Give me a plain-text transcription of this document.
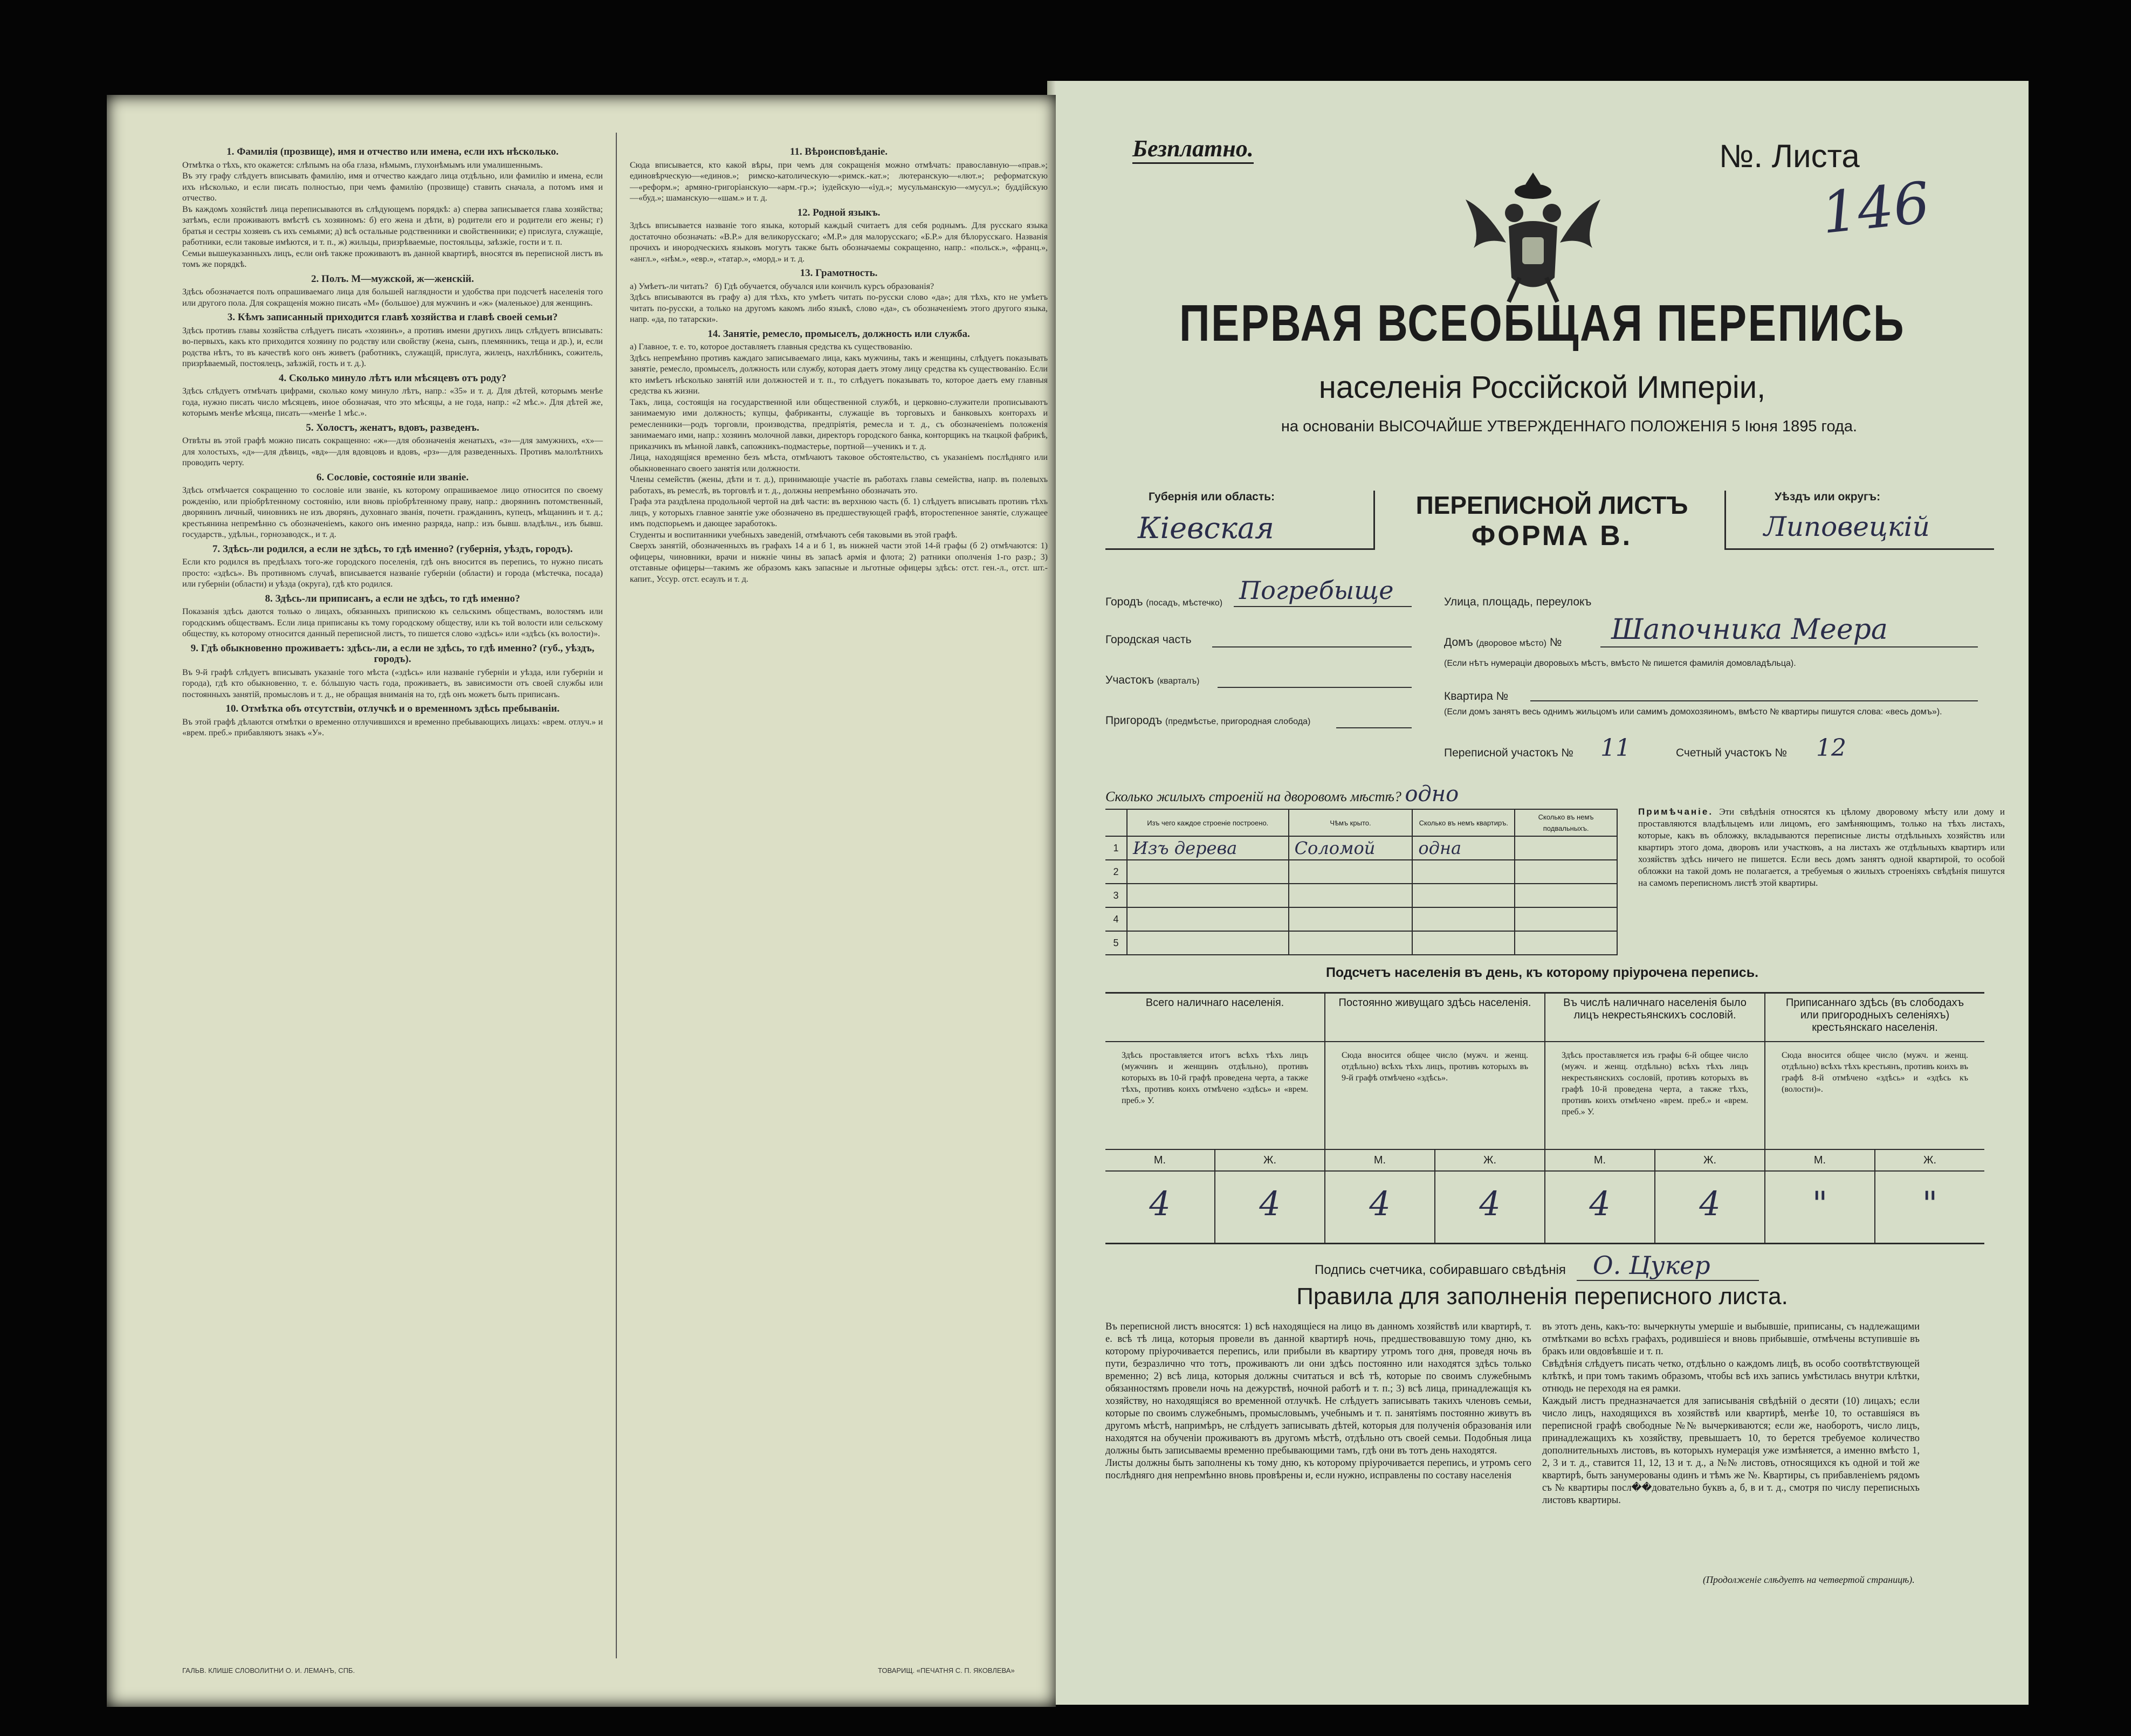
1. Фамилія (прозвище), имя и отчество или имена, если ихъ нѣсколько.
Отмѣтка о тѣхъ, кто окажется: слѣпымъ на оба глаза, нѣмымъ, глухонѣмымъ или умалишеннымъ.
Въ эту графу слѣдуетъ вписывать фамилію, имя и отчество каждаго лица отдѣльно, или фамилію и имена, если ихъ нѣсколько, и если писать полностью, при чемъ фамилію (прозвище) ставить сначала, а потомъ имя и отчество.
Въ каждомъ хозяйствѣ лица переписываются въ слѣдующемъ порядкѣ: а) сперва записывается глава хозяйства; затѣмъ, если проживаютъ вмѣстѣ съ хозяиномъ: б) его жена и дѣти, в) родители его и родители его жены; г) братья и сестры хозяевъ съ ихъ семьями; д) всѣ остальные родственники и свойственники; е) прислуга, служащіе, работники, если таковые имѣются, и т. п., ж) жильцы, призрѣваемые, постояльцы, заѣзжіе, гости и т. п.
Семьи вышеуказанныхъ лицъ, если онѣ также проживаютъ въ данной квартирѣ, вносятся въ переписной листъ въ томъ же порядкѣ.
2. Полъ. М—мужской, ж—женскій.
Здѣсь обозначается полъ опрашиваемаго лица для большей наглядности и удобства при подсчетѣ населенія того или другого пола. Для сокращенія можно писать «М» (большое) для мужчинъ и «ж» (маленькое) для женщинъ.
3. Кѣмъ записанный приходится главѣ хозяйства и главѣ своей семьи?
Здѣсь противъ главы хозяйства слѣдуетъ писать «хозяинъ», а противъ имени другихъ лицъ слѣдуетъ вписывать: во-первыхъ, какъ кто приходится хозяину по родству или свойству (жена, сынъ, племянникъ, теща и др.), и, если родства нѣтъ, то въ качествѣ кого онъ живетъ (работникъ, служащій, прислуга, жилецъ, нахлѣбникъ, сожитель, призрѣваемый, постоялецъ, заѣзжій, гость и т. д.).
4. Сколько минуло лѣтъ или мѣсяцевъ отъ роду?
Здѣсь слѣдуетъ отмѣчать цифрами, сколько кому минуло лѣтъ, напр.: «35» и т. д. Для дѣтей, которымъ менѣе года, нужно писать число мѣсяцевъ, иное обозначая, что это мѣсяцы, а не года, напр.: «2 мѣс.». Для дѣтей же, которымъ менѣе мѣсяца, писать—«менѣе 1 мѣс.».
5. Холостъ, женатъ, вдовъ, разведенъ.
Отвѣты въ этой графѣ можно писать сокращенно: «ж»—для обозначенія женатыхъ, «з»—для замужнихъ, «х»—для холостыхъ, «д»—для дѣвицъ, «вд»—для вдовцовъ и вдовъ, «рз»—для разведенныхъ. Противъ малолѣтнихъ проводить черту.
6. Сословіе, состояніе или званіе.
Здѣсь отмѣчается сокращенно то сословіе или званіе, къ которому опрашиваемое лицо относится по своему рожденію, или пріобрѣтенному состоянію, или вновь пріобрѣтенному праву, напр.: дворянинъ потомственный, дворянинъ личный, чиновникъ не изъ дворянъ, духовнаго званія, почетн. гражданинъ, купецъ, мѣщанинъ и т. д.; крестьянина непремѣнно съ обозначеніемъ, какого онъ именно разряда, напр.: изъ бывш. владѣльч., изъ бывш. государств., удѣльн., горнозаводск., и т. д.
7. Здѣсь-ли родился, а если не здѣсь, то гдѣ именно? (губернія, уѣздъ, городъ).
Если кто родился въ предѣлахъ того-же городского поселенія, гдѣ онъ вносится въ перепись, то нужно писать просто: «здѣсь». Въ противномъ случаѣ, вписывается названіе губерніи (области) и города (мѣстечка, посада) или губерніи (области) и уѣзда (округа), гдѣ кто родился.
8. Здѣсь-ли приписанъ, а если не здѣсь, то гдѣ именно?
Показанія здѣсь даются только о лицахъ, обязанныхъ припискою къ сельскимъ обществамъ, волостямъ или городскимъ обществамъ. Если лица приписаны къ тому городскому обществу, или къ той волости или сельскому обществу, къ которому относится данный переписной листъ, то пишется слово «здѣсь» или «здѣсь (къ волости)».
9. Гдѣ обыкновенно проживаетъ: здѣсь-ли, а если не здѣсь, то гдѣ именно? (губ., уѣздъ, городъ).
Въ 9-й графѣ слѣдуетъ вписывать указаніе того мѣста («здѣсь» или названіе губерніи и уѣзда, или губерніи и города), гдѣ кто обыкновенно, т. е. бóльшую часть года, проживаетъ, въ зависимости отъ своей службы или постоянныхъ занятій, промысловъ и т. д., не обращая вниманія на то, гдѣ онъ можетъ быть приписанъ.
10. Отмѣтка объ отсутствіи, отлучкѣ и о временномъ здѣсь пребываніи.
Въ этой графѣ дѣлаются отмѣтки о временно отлучившихся и временно пребывающихъ лицахъ: «врем. отлуч.» и «врем. преб.» прибавляютъ знакъ «У».
11. Вѣроисповѣданіе.
Сюда вписывается, кто какой вѣры, при чемъ для сокращенія можно отмѣчать: православную—«прав.»; единовѣрческую—«единов.»; римско-католическую—«римск.-кат.»; лютеранскую—«лют.»; реформатскую—«реформ.»; армяно-григоріанскую—«арм.-гр.»; іудейскую—«іуд.»; мусульманскую—«мусул.»; буддійскую—«буд.»; шаманскую—«шам.» и т. д.
12. Родной языкъ.
Здѣсь вписывается названіе того языка, который каждый считаетъ для себя роднымъ. Для русскаго языка достаточно обозначать: «В.Р.» для великорусскаго; «М.Р.» для малорусскаго; «Б.Р.» для бѣлорусскаго. Названія прочихъ и инородческихъ языковъ могутъ также быть обозначаемы сокращенно, напр.: «польск.», «франц.», «англ.», «нѣм.», «евр.», «татар.», «морд.» и т. д.
13. Грамотность.
а) Умѣетъ-ли читать?   б) Гдѣ обучается, обучался или кончилъ курсъ образованія?
Здѣсь вписываются въ графу а) для тѣхъ, кто умѣетъ читать по-русски слово «да»; для тѣхъ, кто не умѣетъ читать по-русски, а только на другомъ какомъ либо языкѣ, слово «да», съ обозначеніемъ этого другого языка, напр. «да, по татарски».
14. Занятіе, ремесло, промыселъ, должность или служба.
а) Главное, т. е. то, которое доставляетъ главныя средства къ существованію.
Здѣсь непремѣнно противъ каждаго записываемаго лица, какъ мужчины, такъ и женщины, слѣдуетъ показывать занятіе, ремесло, промыселъ, должность или службу, которая даетъ этому лицу средства къ существованію. Если кто имѣетъ нѣсколько занятій или должностей и т. п., то слѣдуетъ показывать то, которое даетъ ему главныя средства къ жизни.
Такъ, лица, состоящія на государственной или общественной службѣ, и церковно-служители прописываютъ занимаемую ими должность; купцы, фабриканты, служащіе въ торговыхъ и банковыхъ конторахъ и ремесленники—родъ торговли, производства, предпріятія, ремесла и т. д., съ обозначеніемъ положенія занимаемаго ими, напр.: хозяинъ молочной лавки, директоръ городского банка, конторщикъ на ткацкой фабрикѣ, приказчикъ въ мѣнной лавкѣ, сапожникъ-подмастерье, портной—ученикъ и т. д.
Лица, находящіяся временно безъ мѣста, отмѣчаютъ таковое обстоятельство, съ указаніемъ послѣдняго или обыкновеннаго своего занятія или должности.
Члены семействъ (жены, дѣти и т. д.), принимающіе участіе въ работахъ главы семейства, напр. въ полевыхъ работахъ, въ ремеслѣ, въ торговлѣ и т. д., должны непремѣнно обозначать это.
Графа эта раздѣлена продольной чертой на двѣ части: въ верхнюю часть (б. 1) слѣдуетъ вписывать противъ тѣхъ лицъ, у которыхъ главное занятіе уже обозначено въ предшествующей графѣ, второстепенное занятіе, служащее имъ подспорьемъ и дающее заработокъ.
Студенты и воспитанники учебныхъ заведеній, отмѣчаютъ себя таковыми въ этой графѣ.
Сверхъ занятій, обозначенныхъ въ графахъ 14 а и б 1, въ нижней части этой 14-й графы (б 2) отмѣчаются: 1) офицеры, чиновники, врачи и нижніе чины въ запасѣ армія и флота; 2) ратники ополченія 1-го разр.; 3) отставные офицеры—такимъ же образомъ какъ запасные и льготные офицеры здѣсь: отст. ген.-л., отст. шт.-капит., Уссур. отст. есаулъ и т. д.
ГАЛЬВ. КЛИШЕ СЛОВОЛИТНИ О. И. ЛЕМАНЪ, СПБ.	ТОВАРИЩ. «ПЕЧАТНЯ С. П. ЯКОВЛЕВА»
Безплатно.	№. Листа
146
ПЕРВАЯ ВСЕОБЩАЯ ПЕРЕПИСЬ
населенія Россійской Имперіи,
на основаніи ВЫСОЧАЙШЕ УТВЕРЖДЕННАГО ПОЛОЖЕНІЯ 5 Іюня 1895 года.
Губернія или область:
Кіевская
ПЕРЕПИСНОЙ ЛИСТЪ
ФОРМА В.
Уѣздъ или округъ:
Липовецкій
Городъ (посадъ, мѣстечко) Погребыще	Улица, площадь, переулокъ
Городская часть	Домъ (дворовое мѣсто) № Шапочника Меера
(Если нѣтъ нумераціи дворовыхъ мѣстъ, вмѣсто № пишется фамилія домовладѣльца).
Участокъ (кварталъ)
Квартира №
(Если домъ занятъ весь однимъ жильцомъ или самимъ домохозяиномъ, вмѣсто № квартиры пишутся слова: «весь домъ»).
Пригородъ (предмѣстье, пригородная слобода)
Переписной участокъ № 11	Счетный участокъ № 12
Сколько жилыхъ строеній на дворовомъ мѣстѣ? одно
	Изъ чего каждое строеніе построено.	Чѣмъ крыто.	Сколько въ немъ квартиръ.	Сколько въ немъ подвальныхъ.
1	Изъ дерева	Соломой	одна	
2				
3				
4				
5				
Примѣчаніе. Эти свѣдѣнія относятся къ цѣлому дворовому мѣсту или дому и проставляются владѣльцемъ или лицомъ, его замѣняющимъ, только на тѣхъ листахъ, которые, какъ въ обложку, вкладываются переписные листы отдѣльныхъ хозяйствъ или квартиръ этого дома, дворовъ или участковъ, а на листахъ же отдѣльныхъ квартиръ или хозяйствъ здѣсь ничего не пишется. Если весь домъ занятъ одной квартирой, то особой обложки на такой домъ не полагается, а требуемыя о жилыхъ строеніяхъ свѣдѣнія пишутся на самомъ переписномъ листѣ этой квартиры.
Подсчетъ населенія въ день, къ которому пріурочена перепись.
Всего наличнаго населенія.
Здѣсь проставляется итогъ всѣхъ тѣхъ лицъ (мужчинъ и женщинъ отдѣльно), противъ которыхъ въ 10-й графѣ проведена черта, а также тѣхъ, противъ коихъ отмѣчено «здѣсь» и «врем. преб.» У.
М.	Ж.
4	4
Постоянно живущаго здѣсь населенія.
Сюда вносится общее число (мужч. и женщ. отдѣльно) всѣхъ тѣхъ лицъ, противъ которыхъ въ 9-й графѣ отмѣчено «здѣсь».
М.	Ж.
4	4
Въ числѣ наличнаго населенія было лицъ некрестьянскихъ сословій.
Здѣсь проставляется изъ графы 6-й общее число (мужч. и женщ. отдѣльно) всѣхъ тѣхъ лицъ некрестьянскихъ сословій, противъ которыхъ въ графѣ 10-й проведена черта, а также тѣхъ, противъ коихъ отмѣчено «врем. преб.» и «врем. преб.» У.
М.	Ж.
4	4
Приписаннаго здѣсь (въ слободахъ или пригородныхъ селеніяхъ) крестьянскаго населенія.
Сюда вносится общее число (мужч. и женщ. отдѣльно) всѣхъ тѣхъ крестьянъ, противъ коихъ въ графѣ 8-й отмѣчено «здѣсь» и «здѣсь къ (волости)».
М.	Ж.
"	"
Подпись счетчика, собиравшаго свѣдѣнія О. Цукер
Правила для заполненія переписного листа.
Въ переписной листъ вносятся: 1) всѣ находящіеся на лицо въ данномъ хозяйствѣ или квартирѣ, т. е. всѣ тѣ лица, которыя провели въ данной квартирѣ ночь, предшествовавшую тому дню, къ которому пріурочивается перепись, или прибыли въ квартиру утромъ того дня, проведя ночь въ пути, безразлично что тотъ, проживаютъ ли они здѣсь постоянно или находятся здѣсь только временно; 2) всѣ лица, которыя должны считаться и всѣ тѣ, которые по своимъ служебнымъ обязанностямъ провели ночь на дежурствѣ, ночной работѣ и т. п.; 3) всѣ лица, принадлежащія къ хозяйству, но находящіяся во временной отлучкѣ. Не слѣдуетъ записывать такихъ членовъ семьи, которые по своимъ служебнымъ, промысловымъ, учебнымъ и т. п. занятіямъ постоянно живутъ въ другомъ мѣстѣ, напримѣръ, не слѣдуетъ записывать дѣтей, которыя для полученія образованія или находятся на обученіи проживаютъ въ другомъ мѣстѣ, отдѣльно отъ своей семьи. Подобныя лица должны быть записываемы временно пребывающими тамъ, гдѣ они въ тотъ день находятся.
Листы должны быть заполнены къ тому дню, къ которому пріурочивается перепись, и утромъ сего послѣдняго дня непремѣнно вновь провѣрены и, если нужно, исправлены по составу населенія
въ этотъ день, какъ-то: вычеркнуты умершіе и выбывшіе, приписаны, съ надлежащими отмѣтками во всѣхъ графахъ, родившіеся и вновь прибывшіе, отмѣчены вступившіе въ бракъ или овдовѣвшіе и т. п.
Свѣдѣнія слѣдуетъ писать четко, отдѣльно о каждомъ лицѣ, въ особо соотвѣтствующей клѣткѣ, и при томъ такимъ образомъ, чтобы всѣ ихъ запись умѣстилась внутри клѣтки, отнюдь не переходя на ея рамки.
Каждый листъ предназначается для записыванія свѣдѣній о десяти (10) лицахъ; если число лицъ, находящихся въ хозяйствѣ или квартирѣ, менѣе 10, то оставшіяся въ переписной графѣ свободные №№ вычеркиваются; если же, наоборотъ, число лицъ, принадлежащихъ къ хозяйству, превышаетъ 10, то берется требуемое количество дополнительныхъ листовъ, въ которыхъ нумерація уже измѣняется, а именно вмѣсто 1, 2, 3 и т. д., ставится 11, 12, 13 и т. д., а №№ листовъ, относящихся къ одной и той же квартирѣ, быть занумерованы одинъ и тѣмъ же №. Квартиры, съ прибавленіемъ рядомъ съ № квартиры посл��довательно буквъ а, б, в и т. д., смотря по числу переписныхъ листовъ квартиры.
(Продолженіе слѣдуетъ на четвертой страницѣ).
